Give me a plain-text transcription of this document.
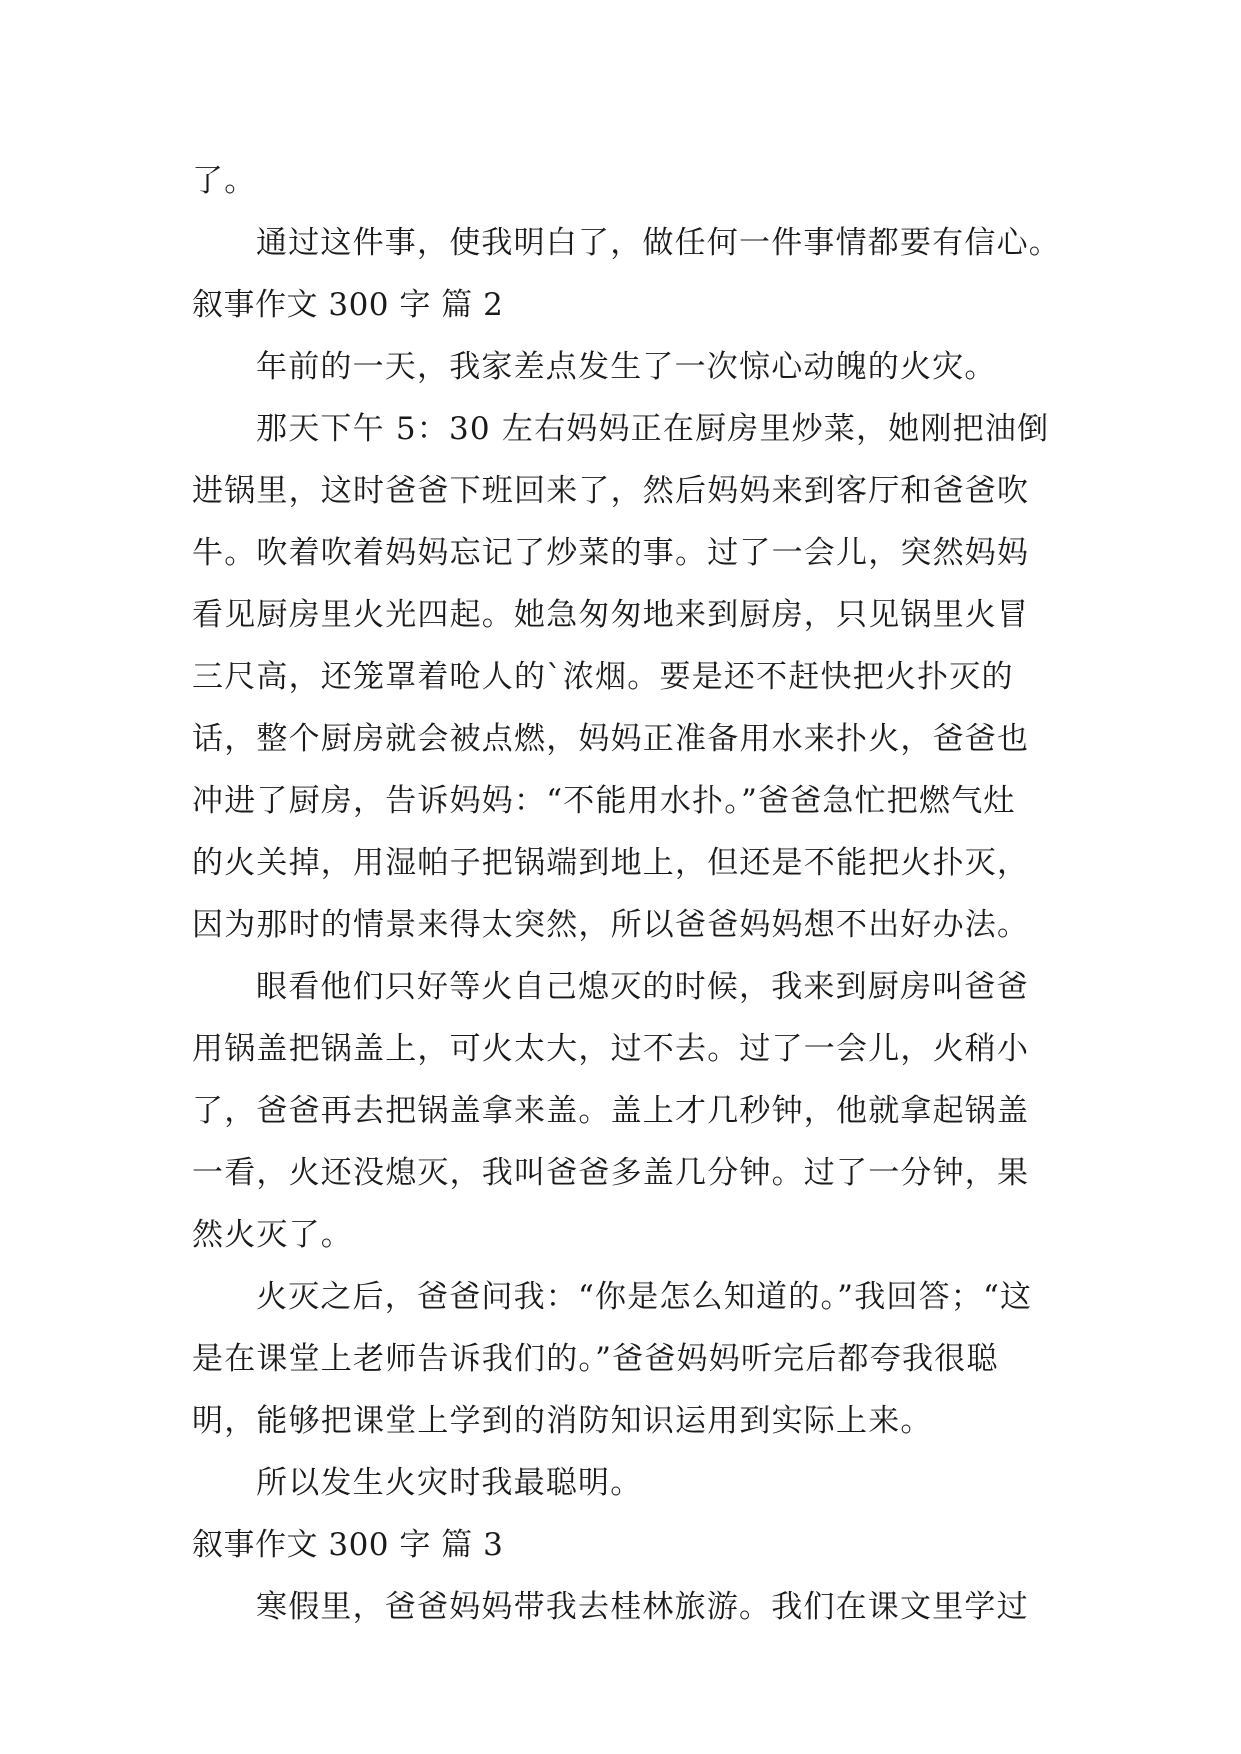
了。
通过这件事，使我明白了，做任何一件事情都要有信心。
叙事作文 300 字 篇 2
年前的一天，我家差点发生了一次惊心动魄的火灾。
那天下午 5：30 左右妈妈正在厨房里炒菜，她刚把油倒
进锅里，这时爸爸下班回来了，然后妈妈来到客厅和爸爸吹
牛。吹着吹着妈妈忘记了炒菜的事。过了一会儿，突然妈妈
看见厨房里火光四起。她急匆匆地来到厨房，只见锅里火冒
三尺高，还笼罩着呛人的`浓烟。要是还不赶快把火扑灭的
话，整个厨房就会被点燃，妈妈正准备用水来扑火，爸爸也
冲进了厨房，告诉妈妈：“不能用水扑。”爸爸急忙把燃气灶
的火关掉，用湿帕子把锅端到地上，但还是不能把火扑灭，
因为那时的情景来得太突然，所以爸爸妈妈想不出好办法。
眼看他们只好等火自己熄灭的时候，我来到厨房叫爸爸
用锅盖把锅盖上，可火太大，过不去。过了一会儿，火稍小
了，爸爸再去把锅盖拿来盖。盖上才几秒钟，他就拿起锅盖
一看，火还没熄灭，我叫爸爸多盖几分钟。过了一分钟，果
然火灭了。
火灭之后，爸爸问我：“你是怎么知道的。”我回答；“这
是在课堂上老师告诉我们的。”爸爸妈妈听完后都夸我很聪
明，能够把课堂上学到的消防知识运用到实际上来。
所以发生火灾时我最聪明。
叙事作文 300 字 篇 3
寒假里，爸爸妈妈带我去桂林旅游。我们在课文里学过
